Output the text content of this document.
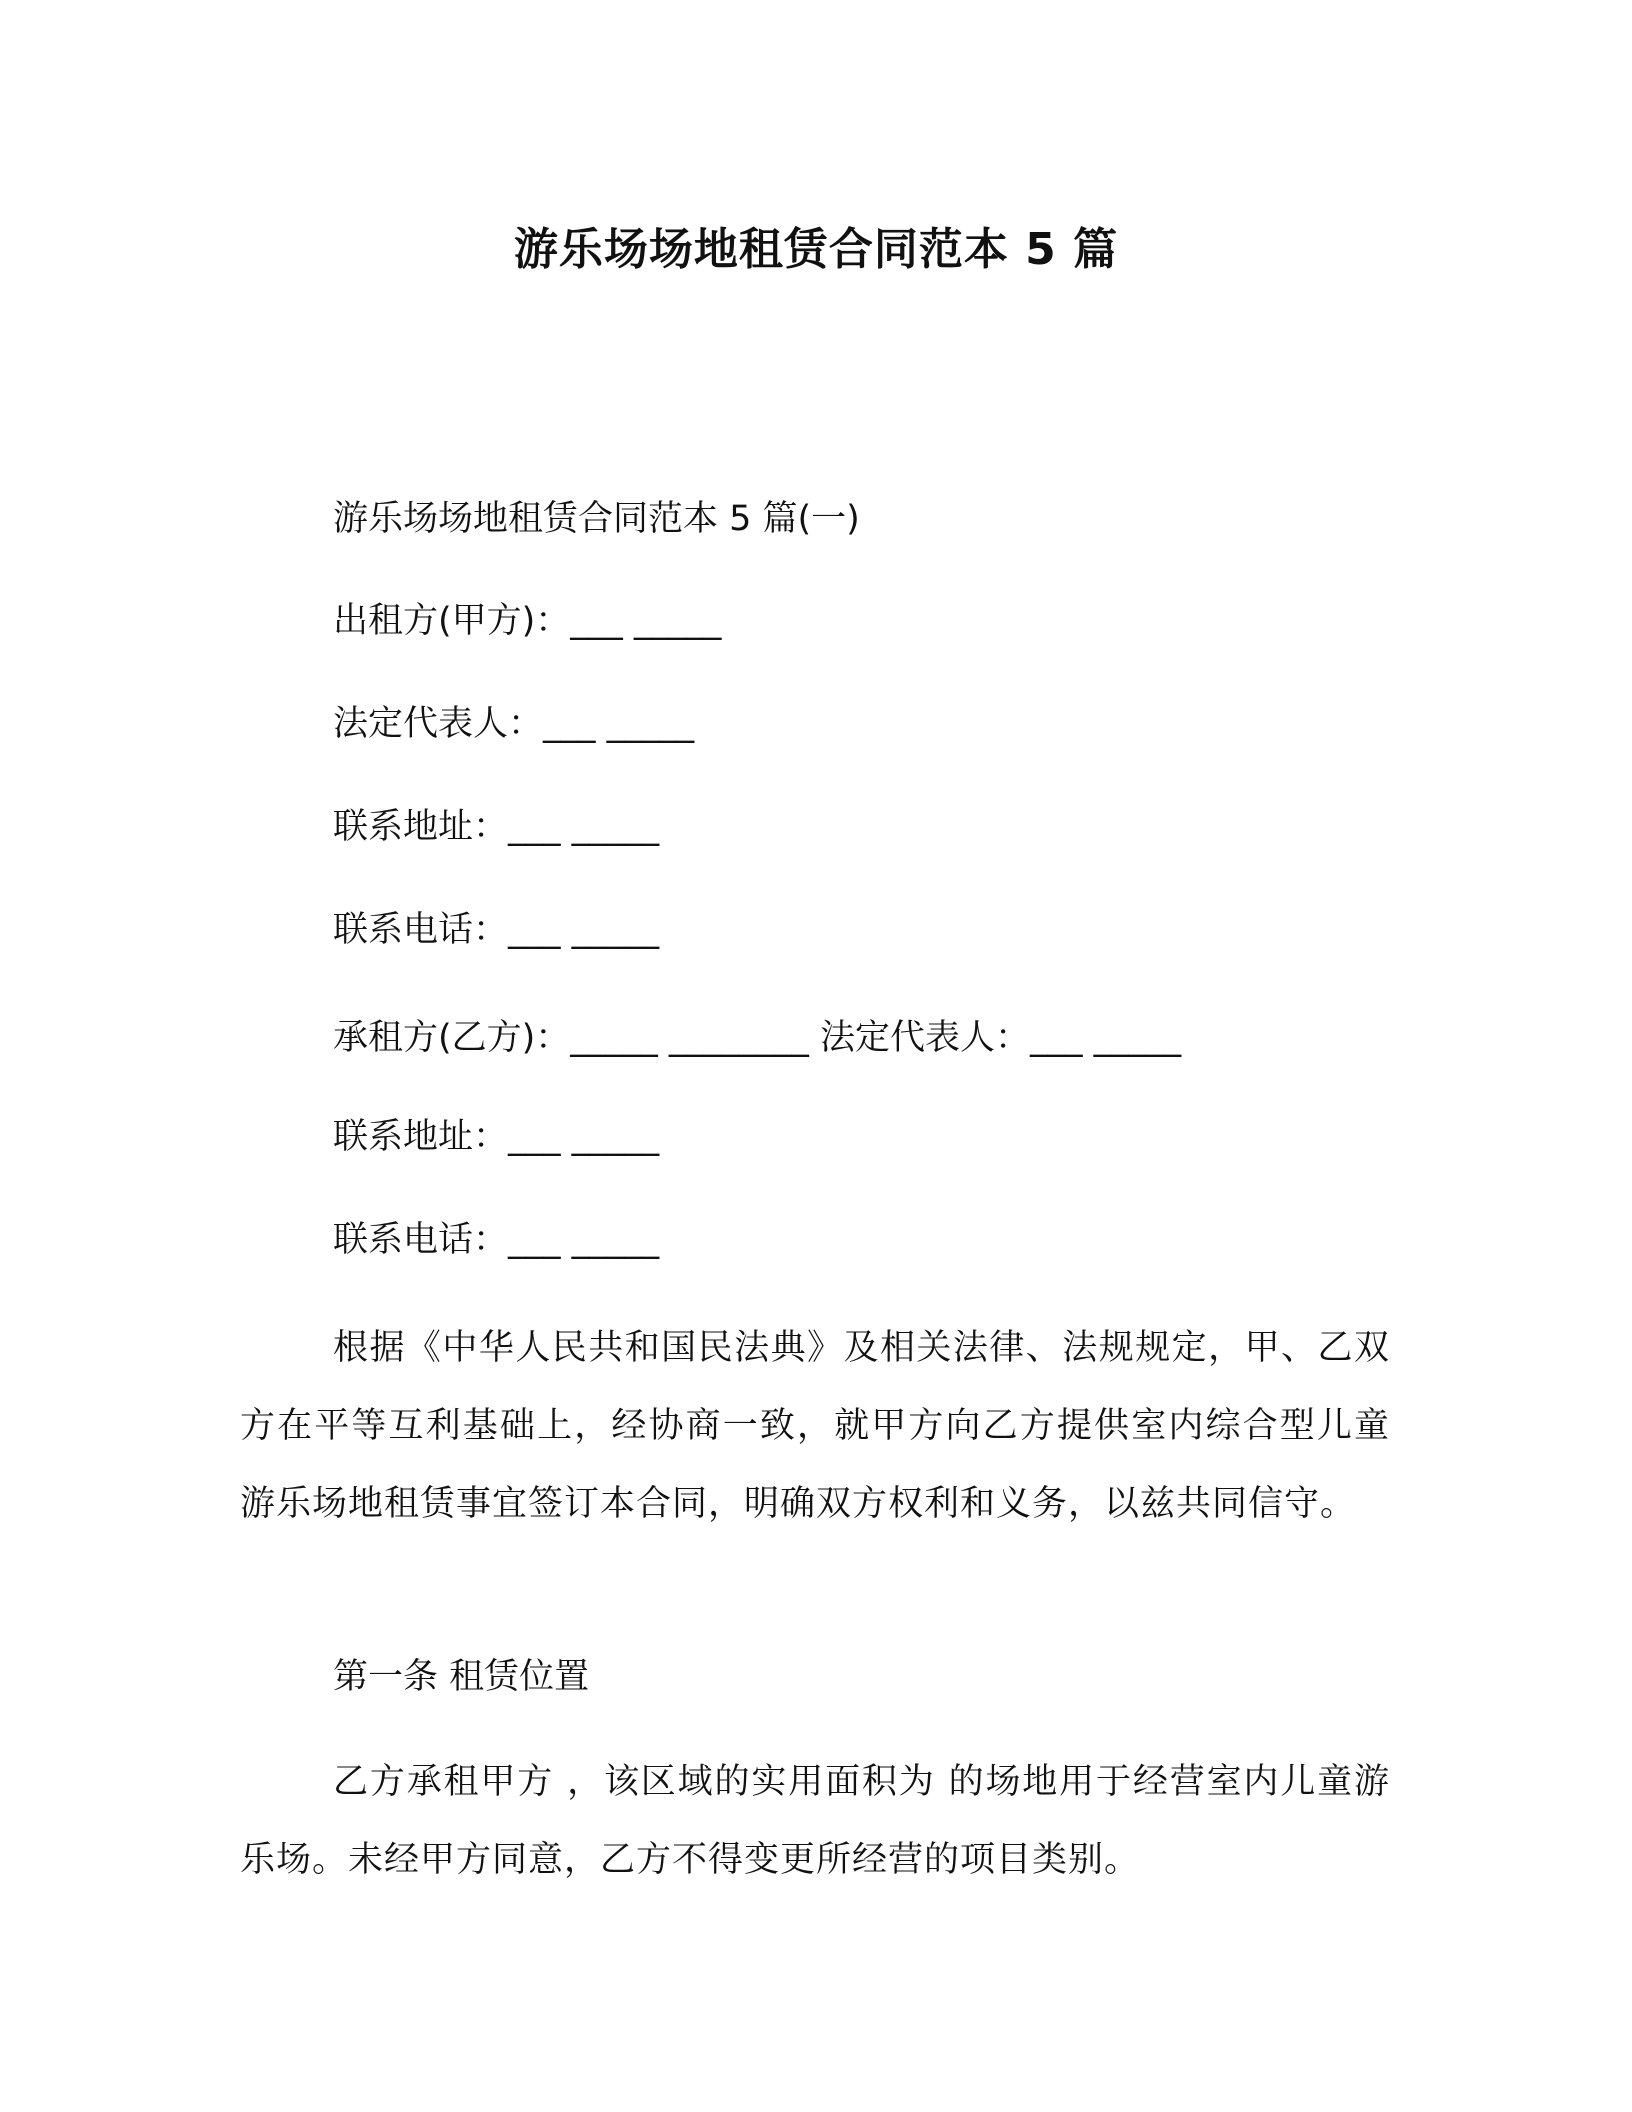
游乐场场地租赁合同范本 5 篇

游乐场场地租赁合同范本 5 篇(一)

出租方(甲方)：___ _____

法定代表人：___ _____

联系地址：___ _____

联系电话：___ _____

承租方(乙方)：_____ ________ 法定代表人：___ _____

联系地址：___ _____

联系电话：___ _____

根据《中华人民共和国民法典》及相关法律、法规规定，甲、乙双方在平等互利基础上，经协商一致，就甲方向乙方提供室内综合型儿童游乐场地租赁事宜签订本合同，明确双方权利和义务，以兹共同信守。

第一条 租赁位置

乙方承租甲方 ，该区域的实用面积为 的场地用于经营室内儿童游乐场。未经甲方同意，乙方不得变更所经营的项目类别。
